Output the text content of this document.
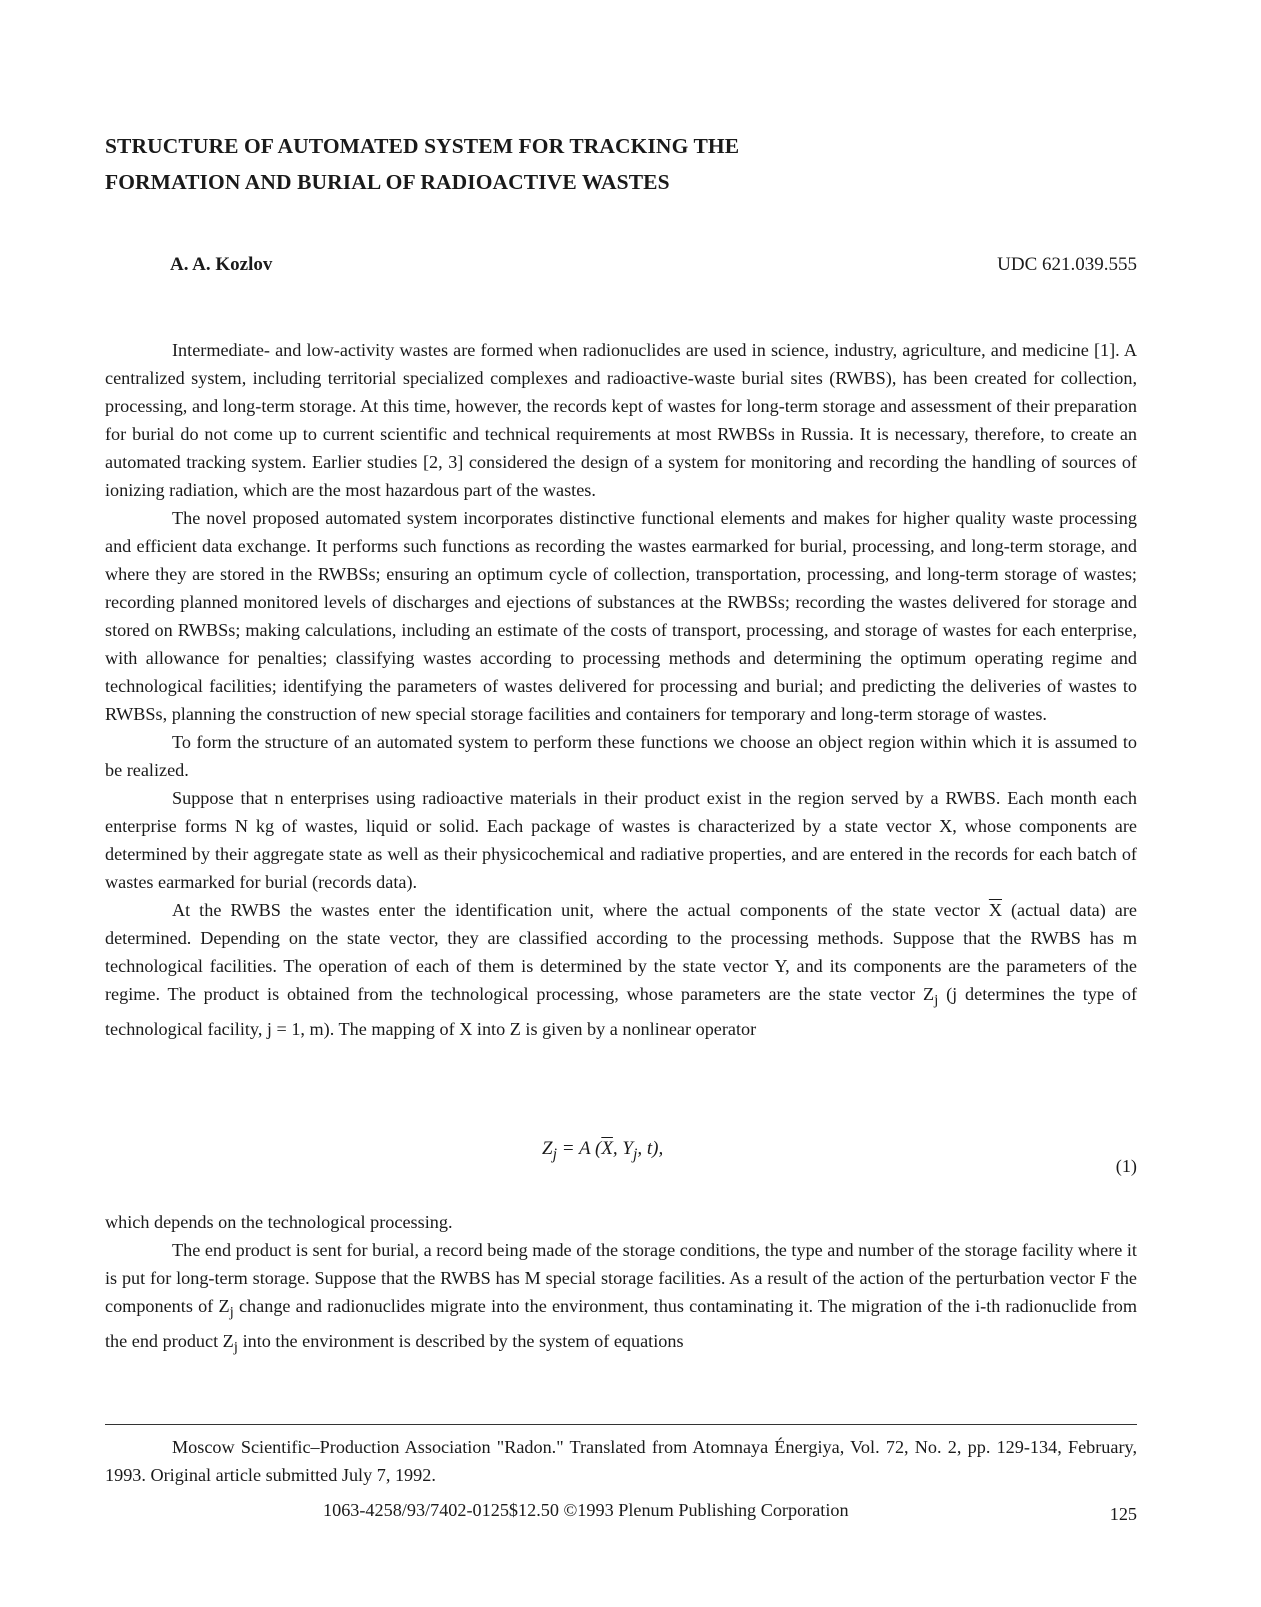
STRUCTURE OF AUTOMATED SYSTEM FOR TRACKING THE
FORMATION AND BURIAL OF RADIOACTIVE WASTES
A. A. Kozlov	UDC 621.039.555

Intermediate- and low-activity wastes are formed when radionuclides are used in science, industry, agriculture, and medicine [1]. A centralized system, including territorial specialized complexes and radioactive-waste burial sites (RWBS), has been created for collection, processing, and long-term storage. At this time, however, the records kept of wastes for long-term storage and assessment of their preparation for burial do not come up to current scientific and technical requirements at most RWBSs in Russia. It is necessary, therefore, to create an automated tracking system. Earlier studies [2, 3] considered the design of a system for monitoring and recording the handling of sources of ionizing radiation, which are the most hazardous part of the wastes.

The novel proposed automated system incorporates distinctive functional elements and makes for higher quality waste processing and efficient data exchange. It performs such functions as recording the wastes earmarked for burial, processing, and long-term storage, and where they are stored in the RWBSs; ensuring an optimum cycle of collection, transportation, processing, and long-term storage of wastes; recording planned monitored levels of discharges and ejections of substances at the RWBSs; recording the wastes delivered for storage and stored on RWBSs; making calculations, including an estimate of the costs of transport, processing, and storage of wastes for each enterprise, with allowance for penalties; classifying wastes according to processing methods and determining the optimum operating regime and technological facilities; identifying the parameters of wastes delivered for processing and burial; and predicting the deliveries of wastes to RWBSs, planning the construction of new special storage facilities and containers for temporary and long-term storage of wastes.

To form the structure of an automated system to perform these functions we choose an object region within which it is assumed to be realized.

Suppose that n enterprises using radioactive materials in their product exist in the region served by a RWBS. Each month each enterprise forms N kg of wastes, liquid or solid. Each package of wastes is characterized by a state vector X, whose components are determined by their aggregate state as well as their physicochemical and radiative properties, and are entered in the records for each batch of wastes earmarked for burial (records data).

At the RWBS the wastes enter the identification unit, where the actual components of the state vector $\overline{X}$ (actual data) are determined. Depending on the state vector, they are classified according to the processing methods. Suppose that the RWBS has m technological facilities. The operation of each of them is determined by the state vector Y, and its components are the parameters of the regime. The product is obtained from the technological processing, whose parameters are the state vector $Z_j$ (j determines the type of technological facility, j = 1, m). The mapping of X into Z is given by a nonlinear operator

$Z_j = A$ ($\overline{X}$, $Y_j$, t),
(1)

which depends on the technological processing.

The end product is sent for burial, a record being made of the storage conditions, the type and number of the storage facility where it is put for long-term storage. Suppose that the RWBS has M special storage facilities. As a result of the action of the perturbation vector F the components of $Z_j$ change and radionuclides migrate into the environment, thus contaminating it. The migration of the i-th radionuclide from the end product $Z_j$ into the environment is described by the system of equations

Moscow Scientific–Production Association "Radon." Translated from Atomnaya Énergiya, Vol. 72, No. 2, pp. 129-134, February, 1993. Original article submitted July 7, 1992.
1063-4258/93/7402-0125$12.50 ©1993 Plenum Publishing Corporation	125
